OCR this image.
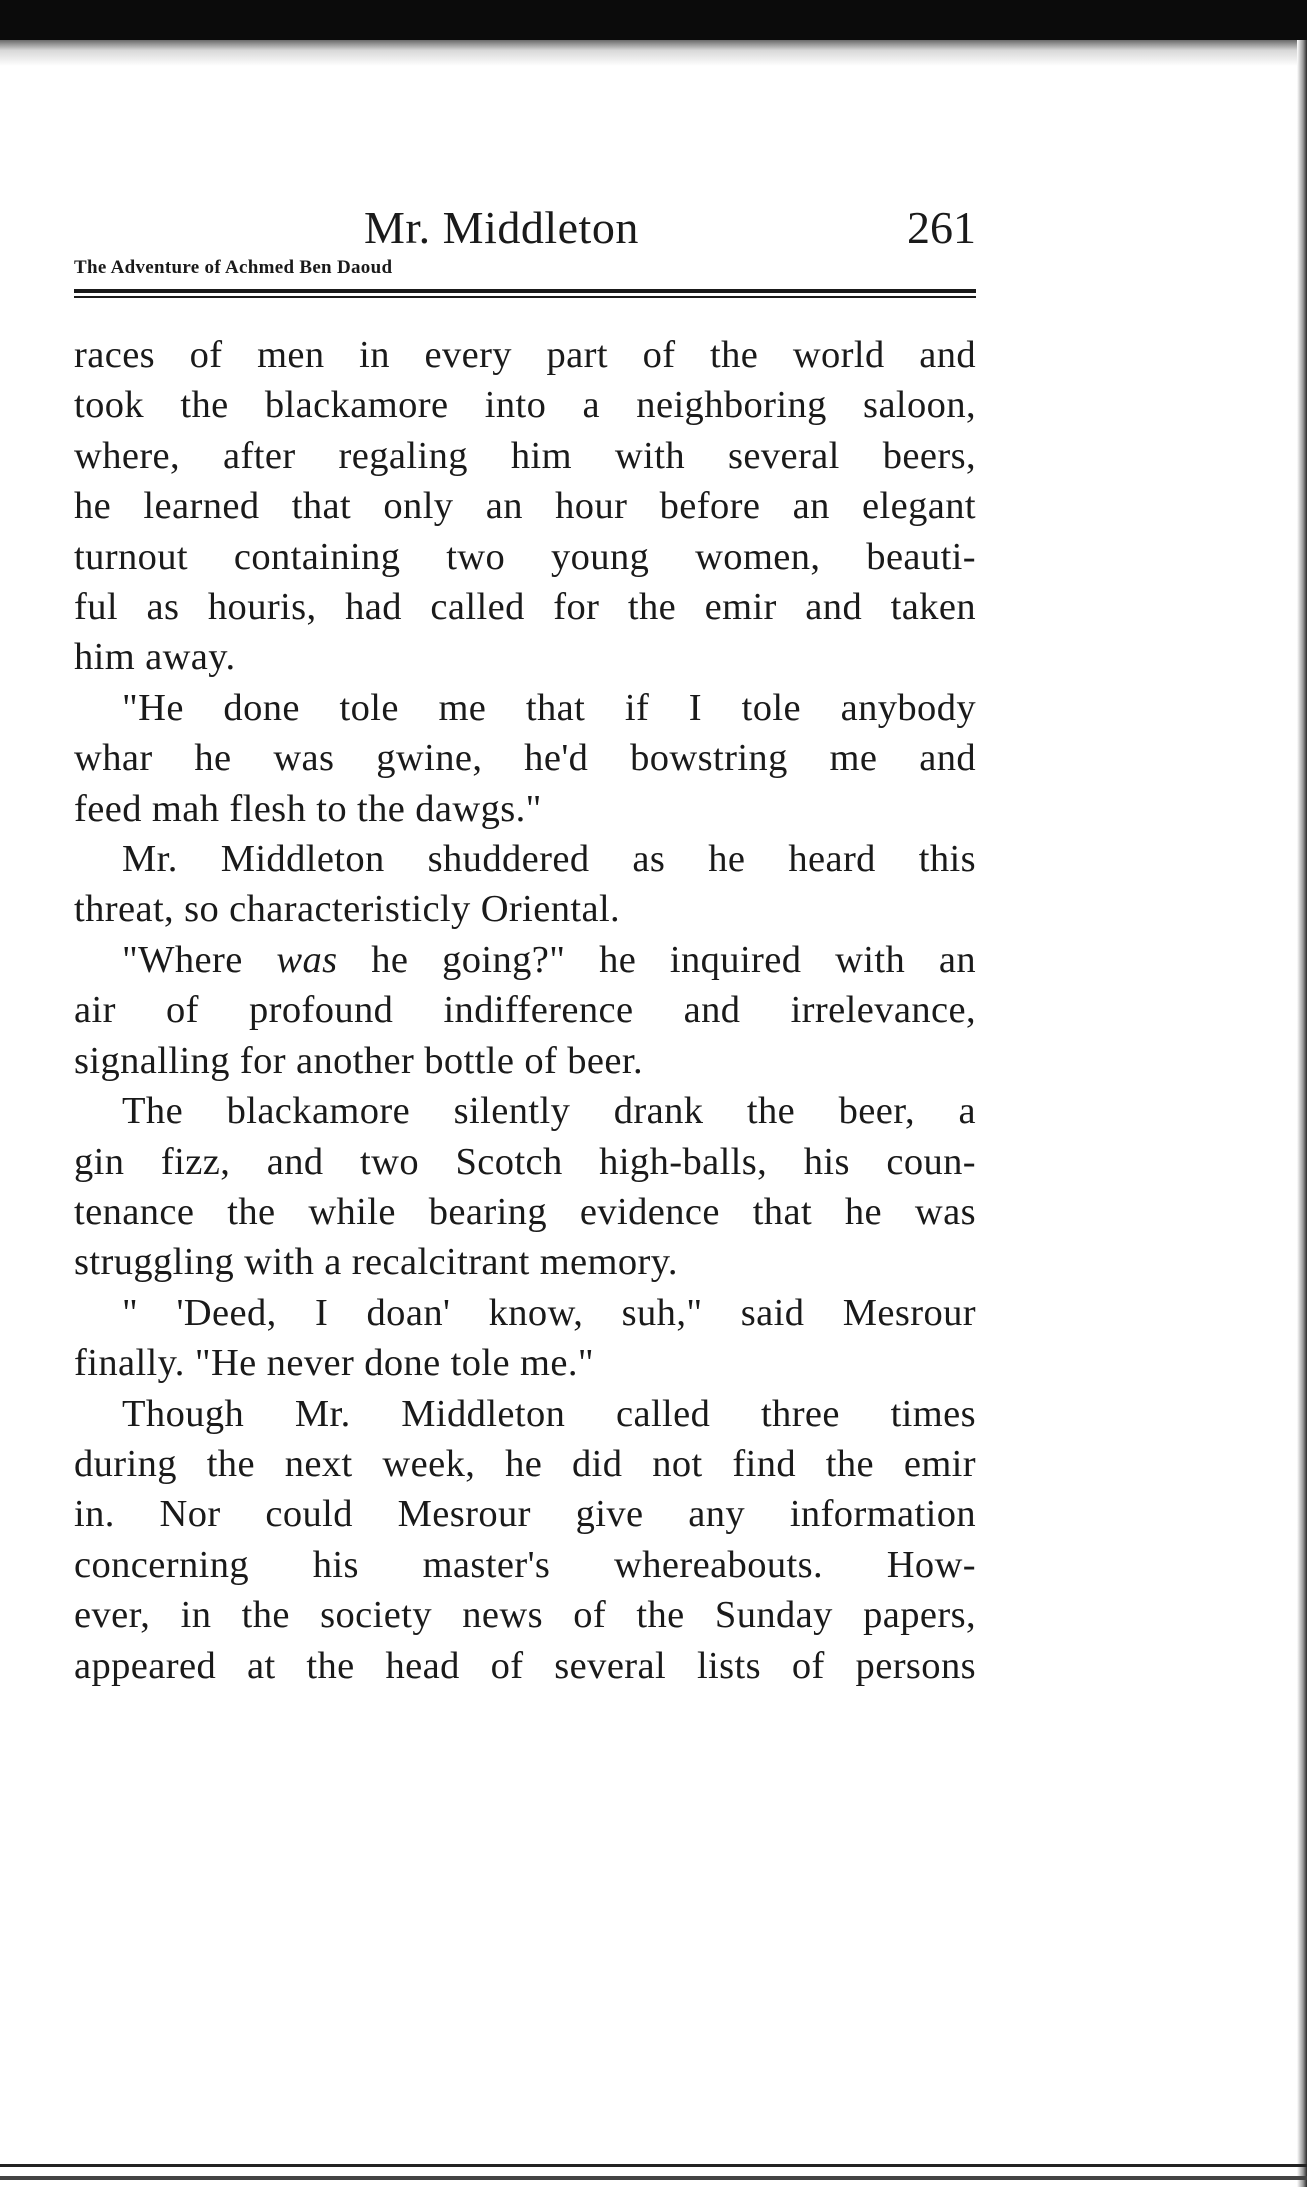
Mr. Middleton	261
The Adventure of Achmed Ben Daoud
races of men in every part of the world and
took the blackamore into a neighboring saloon,
where, after regaling him with several beers,
he learned that only an hour before an elegant
turnout containing two young women, beauti-
ful as houris, had called for the emir and taken
him away.
"He done tole me that if I tole anybody
whar he was gwine, he'd bowstring me and
feed mah flesh to the dawgs."
Mr. Middleton shuddered as he heard this
threat, so characteristicly Oriental.
"Where was he going?" he inquired with an
air of profound indifference and irrelevance,
signalling for another bottle of beer.
The blackamore silently drank the beer, a
gin fizz, and two Scotch high-balls, his coun-
tenance the while bearing evidence that he was
struggling with a recalcitrant memory.
" 'Deed, I doan' know, suh," said Mesrour
finally. "He never done tole me."
Though Mr. Middleton called three times
during the next week, he did not find the emir
in. Nor could Mesrour give any information
concerning his master's whereabouts. How-
ever, in the society news of the Sunday papers,
appeared at the head of several lists of persons
